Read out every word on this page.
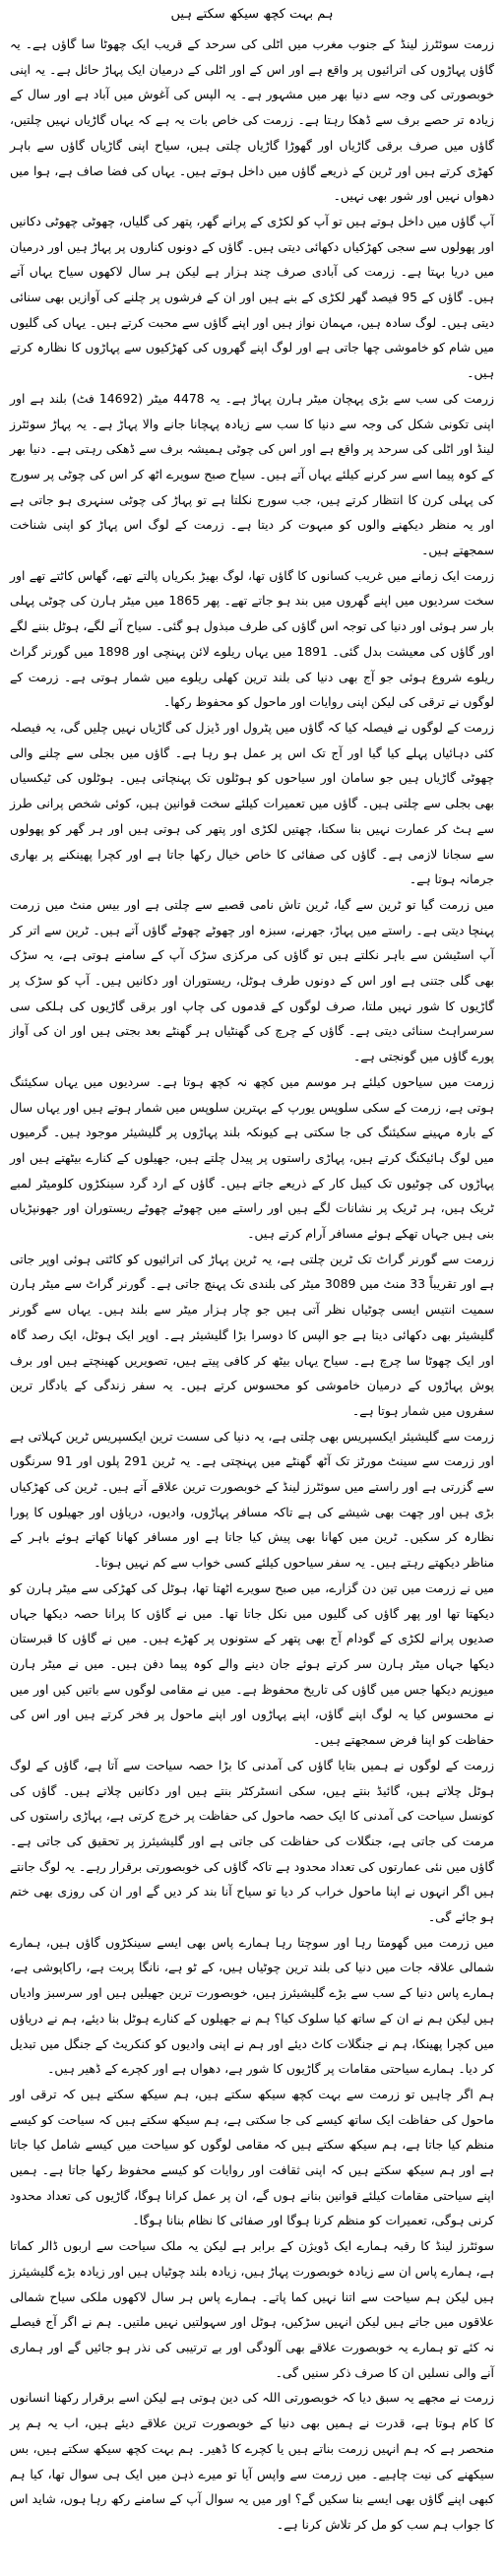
ہم بہت کچھ سیکھ سکتے ہیں

زرمت سوئٹرز لینڈ کے جنوب مغرب میں اٹلی کی سرحد کے قریب ایک چھوٹا سا گاؤں ہے۔ یہ گاؤں پہاڑوں کی اترائیوں پر واقع ہے اور اس کے اور اٹلی کے درمیان ایک پہاڑ حائل ہے۔ یہ اپنی خوبصورتی کی وجہ سے دنیا بھر میں مشہور ہے۔ یہ الپس کی آغوش میں آباد ہے اور سال کے زیادہ تر حصے برف سے ڈھکا رہتا ہے۔ زرمت کی خاص بات یہ ہے کہ یہاں گاڑیاں نہیں چلتیں، گاؤں میں صرف برقی گاڑیاں اور گھوڑا گاڑیاں چلتی ہیں، سیاح اپنی گاڑیاں گاؤں سے باہر کھڑی کرتے ہیں اور ٹرین کے ذریعے گاؤں میں داخل ہوتے ہیں۔ یہاں کی فضا صاف ہے، ہوا میں دھواں نہیں اور شور بھی نہیں۔

آپ گاؤں میں داخل ہوتے ہیں تو آپ کو لکڑی کے پرانے گھر، پتھر کی گلیاں، چھوٹی چھوٹی دکانیں اور پھولوں سے سجی کھڑکیاں دکھائی دیتی ہیں۔ گاؤں کے دونوں کناروں پر پہاڑ ہیں اور درمیان میں دریا بہتا ہے۔ زرمت کی آبادی صرف چند ہزار ہے لیکن ہر سال لاکھوں سیاح یہاں آتے ہیں۔ گاؤں کے 95 فیصد گھر لکڑی کے بنے ہیں اور ان کے فرشوں پر چلنے کی آوازیں بھی سنائی دیتی ہیں۔ لوگ سادہ ہیں، مہمان نواز ہیں اور اپنے گاؤں سے محبت کرتے ہیں۔ یہاں کی گلیوں میں شام کو خاموشی چھا جاتی ہے اور لوگ اپنے گھروں کی کھڑکیوں سے پہاڑوں کا نظارہ کرتے ہیں۔

زرمت کی سب سے بڑی پہچان میٹر ہارن پہاڑ ہے۔ یہ 4478 میٹر (14692 فٹ) بلند ہے اور اپنی تکونی شکل کی وجہ سے دنیا کا سب سے زیادہ پہچانا جانے والا پہاڑ ہے۔ یہ پہاڑ سوئٹرز لینڈ اور اٹلی کی سرحد پر واقع ہے اور اس کی چوٹی ہمیشہ برف سے ڈھکی رہتی ہے۔ دنیا بھر کے کوہ پیما اسے سر کرنے کیلئے یہاں آتے ہیں۔ سیاح صبح سویرے اٹھ کر اس کی چوٹی پر سورج کی پہلی کرن کا انتظار کرتے ہیں، جب سورج نکلتا ہے تو پہاڑ کی چوٹی سنہری ہو جاتی ہے اور یہ منظر دیکھنے والوں کو مبہوت کر دیتا ہے۔ زرمت کے لوگ اس پہاڑ کو اپنی شناخت سمجھتے ہیں۔

زرمت ایک زمانے میں غریب کسانوں کا گاؤں تھا، لوگ بھیڑ بکریاں پالتے تھے، گھاس کاٹتے تھے اور سخت سردیوں میں اپنے گھروں میں بند ہو جاتے تھے۔ پھر 1865 میں میٹر ہارن کی چوٹی پہلی بار سر ہوئی اور دنیا کی توجہ اس گاؤں کی طرف مبذول ہو گئی۔ سیاح آنے لگے، ہوٹل بننے لگے اور گاؤں کی معیشت بدل گئی۔ 1891 میں یہاں ریلوے لائن پہنچی اور 1898 میں گورنر گراٹ ریلوے شروع ہوئی جو آج بھی دنیا کی بلند ترین کھلی ریلوے میں شمار ہوتی ہے۔ زرمت کے لوگوں نے ترقی کی لیکن اپنی روایات اور ماحول کو محفوظ رکھا۔

زرمت کے لوگوں نے فیصلہ کیا کہ گاؤں میں پٹرول اور ڈیزل کی گاڑیاں نہیں چلیں گی، یہ فیصلہ کئی دہائیاں پہلے کیا گیا اور آج تک اس پر عمل ہو رہا ہے۔ گاؤں میں بجلی سے چلنے والی چھوٹی گاڑیاں ہیں جو سامان اور سیاحوں کو ہوٹلوں تک پہنچاتی ہیں۔ ہوٹلوں کی ٹیکسیاں بھی بجلی سے چلتی ہیں۔ گاؤں میں تعمیرات کیلئے سخت قوانین ہیں، کوئی شخص پرانی طرز سے ہٹ کر عمارت نہیں بنا سکتا، چھتیں لکڑی اور پتھر کی ہوتی ہیں اور ہر گھر کو پھولوں سے سجانا لازمی ہے۔ گاؤں کی صفائی کا خاص خیال رکھا جاتا ہے اور کچرا پھینکنے پر بھاری جرمانہ ہوتا ہے۔

میں زرمت گیا تو ٹرین سے گیا، ٹرین تاش نامی قصبے سے چلتی ہے اور بیس منٹ میں زرمت پہنچا دیتی ہے۔ راستے میں پہاڑ، جھرنے، سبزہ اور چھوٹے چھوٹے گاؤں آتے ہیں۔ ٹرین سے اتر کر آپ اسٹیشن سے باہر نکلتے ہیں تو گاؤں کی مرکزی سڑک آپ کے سامنے ہوتی ہے، یہ سڑک بھی گلی جتنی ہے اور اس کے دونوں طرف ہوٹل، ریستوران اور دکانیں ہیں۔ آپ کو سڑک پر گاڑیوں کا شور نہیں ملتا، صرف لوگوں کے قدموں کی چاپ اور برقی گاڑیوں کی ہلکی سی سرسراہٹ سنائی دیتی ہے۔ گاؤں کے چرچ کی گھنٹیاں ہر گھنٹے بعد بجتی ہیں اور ان کی آواز پورے گاؤں میں گونجتی ہے۔

زرمت میں سیاحوں کیلئے ہر موسم میں کچھ نہ کچھ ہوتا ہے۔ سردیوں میں یہاں سکیئنگ ہوتی ہے، زرمت کے سکی سلوپس یورپ کے بہترین سلوپس میں شمار ہوتے ہیں اور یہاں سال کے بارہ مہینے سکیئنگ کی جا سکتی ہے کیونکہ بلند پہاڑوں پر گلیشیئر موجود ہیں۔ گرمیوں میں لوگ ہائیکنگ کرتے ہیں، پہاڑی راستوں پر پیدل چلتے ہیں، جھیلوں کے کنارے بیٹھتے ہیں اور پہاڑوں کی چوٹیوں تک کیبل کار کے ذریعے جاتے ہیں۔ گاؤں کے ارد گرد سینکڑوں کلومیٹر لمبے ٹریک ہیں، ہر ٹریک پر نشانات لگے ہیں اور راستے میں چھوٹے چھوٹے ریستوران اور جھونپڑیاں بنی ہیں جہاں تھکے ہوئے مسافر آرام کرتے ہیں۔

زرمت سے گورنر گراٹ تک ٹرین چلتی ہے، یہ ٹرین پہاڑ کی اترائیوں کو کاٹتی ہوئی اوپر جاتی ہے اور تقریباً 33 منٹ میں 3089 میٹر کی بلندی تک پہنچ جاتی ہے۔ گورنر گراٹ سے میٹر ہارن سمیت انتیس ایسی چوٹیاں نظر آتی ہیں جو چار ہزار میٹر سے بلند ہیں۔ یہاں سے گورنر گلیشیئر بھی دکھائی دیتا ہے جو الپس کا دوسرا بڑا گلیشیئر ہے۔ اوپر ایک ہوٹل، ایک رصد گاہ اور ایک چھوٹا سا چرچ ہے۔ سیاح یہاں بیٹھ کر کافی پیتے ہیں، تصویریں کھینچتے ہیں اور برف پوش پہاڑوں کے درمیان خاموشی کو محسوس کرتے ہیں۔ یہ سفر زندگی کے یادگار ترین سفروں میں شمار ہوتا ہے۔

زرمت سے گلیشیئر ایکسپریس بھی چلتی ہے، یہ دنیا کی سست ترین ایکسپریس ٹرین کہلاتی ہے اور زرمت سے سینٹ مورٹز تک آٹھ گھنٹے میں پہنچتی ہے۔ یہ ٹرین 291 پلوں اور 91 سرنگوں سے گزرتی ہے اور راستے میں سوئٹرز لینڈ کے خوبصورت ترین علاقے آتے ہیں۔ ٹرین کی کھڑکیاں بڑی ہیں اور چھت بھی شیشے کی ہے تاکہ مسافر پہاڑوں، وادیوں، دریاؤں اور جھیلوں کا پورا نظارہ کر سکیں۔ ٹرین میں کھانا بھی پیش کیا جاتا ہے اور مسافر کھانا کھاتے ہوئے باہر کے مناظر دیکھتے رہتے ہیں۔ یہ سفر سیاحوں کیلئے کسی خواب سے کم نہیں ہوتا۔

میں نے زرمت میں تین دن گزارے، میں صبح سویرے اٹھتا تھا، ہوٹل کی کھڑکی سے میٹر ہارن کو دیکھتا تھا اور پھر گاؤں کی گلیوں میں نکل جاتا تھا۔ میں نے گاؤں کا پرانا حصہ دیکھا جہاں صدیوں پرانے لکڑی کے گودام آج بھی پتھر کے ستونوں پر کھڑے ہیں۔ میں نے گاؤں کا قبرستان دیکھا جہاں میٹر ہارن سر کرتے ہوئے جان دینے والے کوہ پیما دفن ہیں۔ میں نے میٹر ہارن میوزیم دیکھا جس میں گاؤں کی تاریخ محفوظ ہے۔ میں نے مقامی لوگوں سے باتیں کیں اور میں نے محسوس کیا یہ لوگ اپنے گاؤں، اپنے پہاڑوں اور اپنے ماحول پر فخر کرتے ہیں اور اس کی حفاظت کو اپنا فرض سمجھتے ہیں۔

زرمت کے لوگوں نے ہمیں بتایا گاؤں کی آمدنی کا بڑا حصہ سیاحت سے آتا ہے، گاؤں کے لوگ ہوٹل چلاتے ہیں، گائیڈ بنتے ہیں، سکی انسٹرکٹر بنتے ہیں اور دکانیں چلاتے ہیں۔ گاؤں کی کونسل سیاحت کی آمدنی کا ایک حصہ ماحول کی حفاظت پر خرچ کرتی ہے، پہاڑی راستوں کی مرمت کی جاتی ہے، جنگلات کی حفاظت کی جاتی ہے اور گلیشیئرز پر تحقیق کی جاتی ہے۔ گاؤں میں نئی عمارتوں کی تعداد محدود ہے تاکہ گاؤں کی خوبصورتی برقرار رہے۔ یہ لوگ جانتے ہیں اگر انہوں نے اپنا ماحول خراب کر دیا تو سیاح آنا بند کر دیں گے اور ان کی روزی بھی ختم ہو جائے گی۔

میں زرمت میں گھومتا رہا اور سوچتا رہا ہمارے پاس بھی ایسے سینکڑوں گاؤں ہیں، ہمارے شمالی علاقہ جات میں دنیا کی بلند ترین چوٹیاں ہیں، کے ٹو ہے، نانگا پربت ہے، راکاپوشی ہے، ہمارے پاس دنیا کے سب سے بڑے گلیشیئرز ہیں، خوبصورت ترین جھیلیں ہیں اور سرسبز وادیاں ہیں لیکن ہم نے ان کے ساتھ کیا سلوک کیا؟ ہم نے جھیلوں کے کنارے ہوٹل بنا دیئے، ہم نے دریاؤں میں کچرا پھینکا، ہم نے جنگلات کاٹ دیئے اور ہم نے اپنی وادیوں کو کنکریٹ کے جنگل میں تبدیل کر دیا۔ ہمارے سیاحتی مقامات پر گاڑیوں کا شور ہے، دھواں ہے اور کچرے کے ڈھیر ہیں۔

ہم اگر چاہیں تو زرمت سے بہت کچھ سیکھ سکتے ہیں، ہم سیکھ سکتے ہیں کہ ترقی اور ماحول کی حفاظت ایک ساتھ کیسے کی جا سکتی ہے، ہم سیکھ سکتے ہیں کہ سیاحت کو کیسے منظم کیا جاتا ہے، ہم سیکھ سکتے ہیں کہ مقامی لوگوں کو سیاحت میں کیسے شامل کیا جاتا ہے اور ہم سیکھ سکتے ہیں کہ اپنی ثقافت اور روایات کو کیسے محفوظ رکھا جاتا ہے۔ ہمیں اپنے سیاحتی مقامات کیلئے قوانین بنانے ہوں گے، ان پر عمل کرانا ہوگا، گاڑیوں کی تعداد محدود کرنی ہوگی، تعمیرات کو منظم کرنا ہوگا اور صفائی کا نظام بنانا ہوگا۔

سوئٹرز لینڈ کا رقبہ ہمارے ایک ڈویژن کے برابر ہے لیکن یہ ملک سیاحت سے اربوں ڈالر کماتا ہے، ہمارے پاس ان سے زیادہ خوبصورت پہاڑ ہیں، زیادہ بلند چوٹیاں ہیں اور زیادہ بڑے گلیشیئرز ہیں لیکن ہم سیاحت سے اتنا نہیں کما پاتے۔ ہمارے پاس ہر سال لاکھوں ملکی سیاح شمالی علاقوں میں جاتے ہیں لیکن انہیں سڑکیں، ہوٹل اور سہولتیں نہیں ملتیں۔ ہم نے اگر آج فیصلے نہ کئے تو ہمارے یہ خوبصورت علاقے بھی آلودگی اور بے ترتیبی کی نذر ہو جائیں گے اور ہماری آنے والی نسلیں ان کا صرف ذکر سنیں گی۔

زرمت نے مجھے یہ سبق دیا کہ خوبصورتی اللہ کی دین ہوتی ہے لیکن اسے برقرار رکھنا انسانوں کا کام ہوتا ہے، قدرت نے ہمیں بھی دنیا کے خوبصورت ترین علاقے دیئے ہیں، اب یہ ہم پر منحصر ہے کہ ہم انہیں زرمت بناتے ہیں یا کچرے کا ڈھیر۔ ہم بہت کچھ سیکھ سکتے ہیں، بس سیکھنے کی نیت چاہیے۔ میں زرمت سے واپس آیا تو میرے ذہن میں ایک ہی سوال تھا، کیا ہم کبھی اپنے گاؤں بھی ایسے بنا سکیں گے؟ اور میں یہ سوال آپ کے سامنے رکھ رہا ہوں، شاید اس کا جواب ہم سب کو مل کر تلاش کرنا ہے۔
